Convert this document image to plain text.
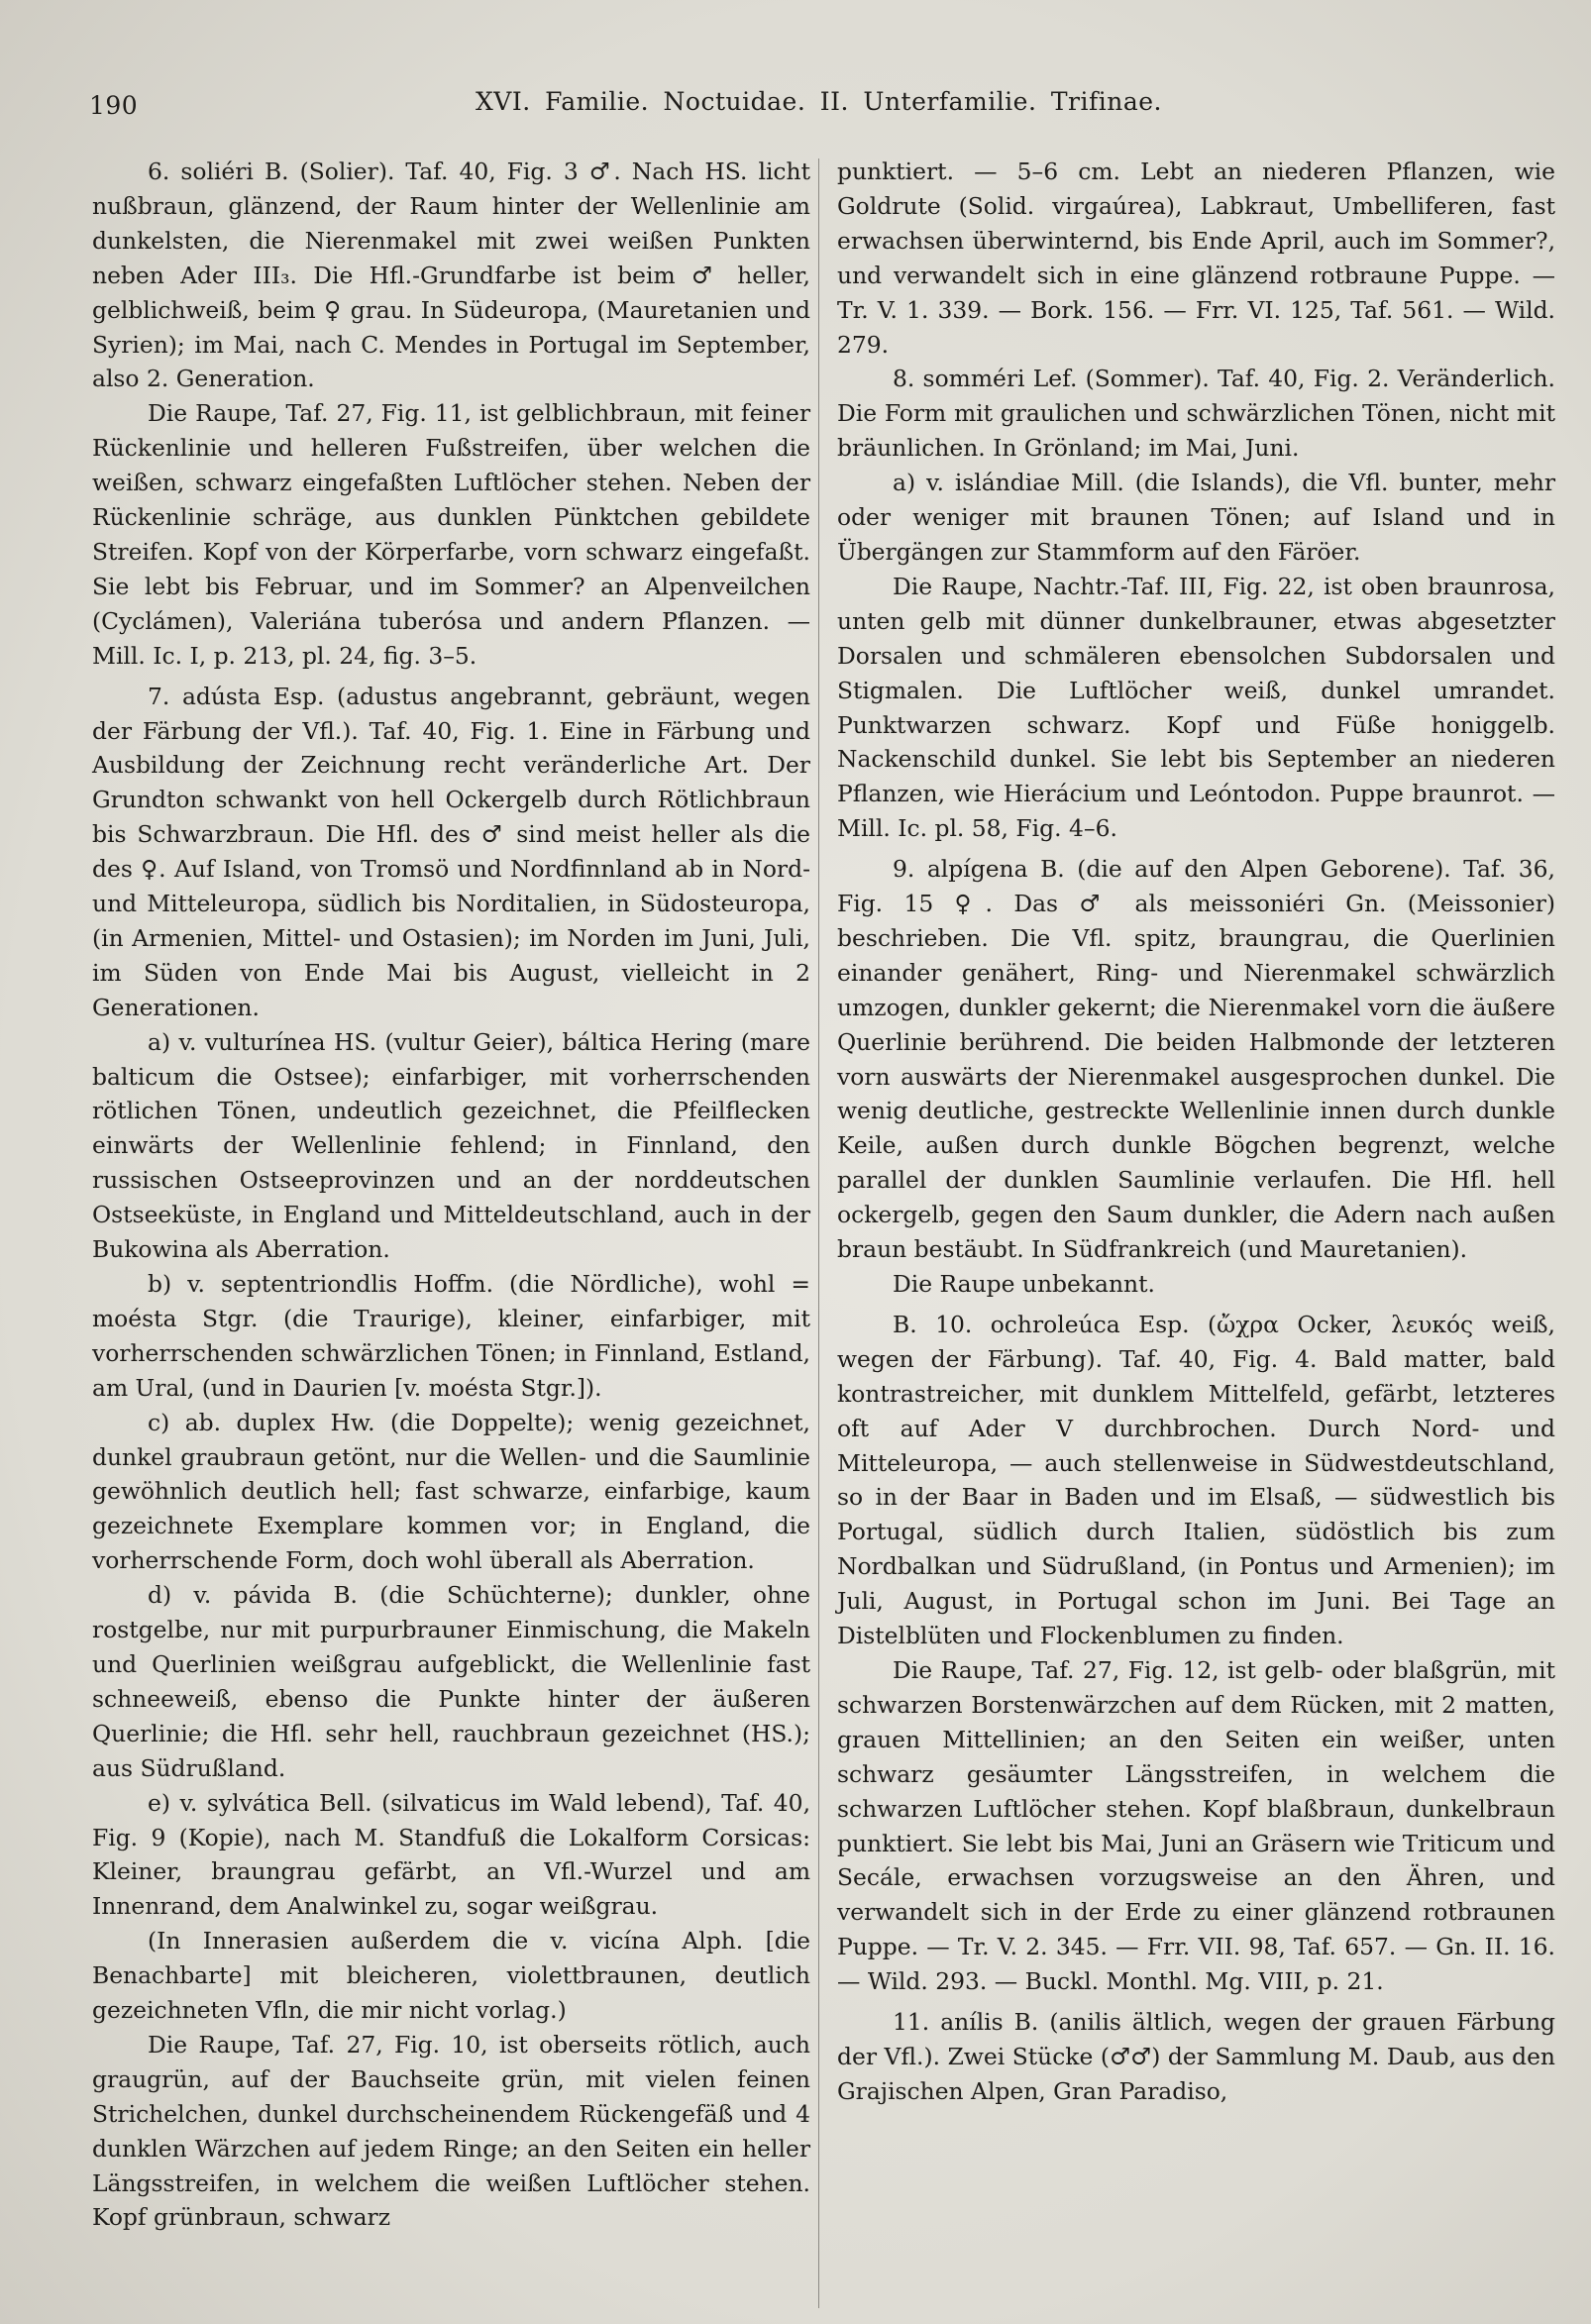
190	XVI. Familie. Noctuidae. II. Unterfamilie. Trifinae.

6. soliéri B. (Solier). Taf. 40, Fig. 3 ♂. Nach HS. licht nußbraun, glänzend, der Raum hinter der Wellenlinie am dunkelsten, die Nierenmakel mit zwei weißen Punkten neben Ader III₃. Die Hfl.-Grundfarbe ist beim ♂ heller, gelblichweiß, beim ♀ grau. In Südeuropa, (Mauretanien und Syrien); im Mai, nach C. Mendes in Portugal im September, also 2. Generation.

Die Raupe, Taf. 27, Fig. 11, ist gelblichbraun, mit feiner Rückenlinie und helleren Fußstreifen, über welchen die weißen, schwarz eingefaßten Luftlöcher stehen. Neben der Rückenlinie schräge, aus dunklen Pünktchen gebildete Streifen. Kopf von der Körperfarbe, vorn schwarz eingefaßt. Sie lebt bis Februar, und im Sommer? an Alpenveilchen (Cyclámen), Valeriána tuberósa und andern Pflanzen. — Mill. Ic. I, p. 213, pl. 24, fig. 3–5.

7. adústa Esp. (adustus angebrannt, gebräunt, wegen der Färbung der Vfl.). Taf. 40, Fig. 1. Eine in Färbung und Ausbildung der Zeichnung recht veränderliche Art. Der Grundton schwankt von hell Ockergelb durch Rötlichbraun bis Schwarzbraun. Die Hfl. des ♂ sind meist heller als die des ♀. Auf Island, von Tromsö und Nordfinnland ab in Nord- und Mitteleuropa, südlich bis Norditalien, in Südosteuropa, (in Armenien, Mittel- und Ostasien); im Norden im Juni, Juli, im Süden von Ende Mai bis August, vielleicht in 2 Generationen.

a) v. vulturínea HS. (vultur Geier), báltica Hering (mare balticum die Ostsee); einfarbiger, mit vorherrschenden rötlichen Tönen, undeutlich gezeichnet, die Pfeilflecken einwärts der Wellenlinie fehlend; in Finnland, den russischen Ostseeprovinzen und an der norddeutschen Ostseeküste, in England und Mitteldeutschland, auch in der Bukowina als Aberration.

b) v. septentriondlis Hoffm. (die Nördliche), wohl = moésta Stgr. (die Traurige), kleiner, einfarbiger, mit vorherrschenden schwärzlichen Tönen; in Finnland, Estland, am Ural, (und in Daurien [v. moésta Stgr.]).

c) ab. duplex Hw. (die Doppelte); wenig gezeichnet, dunkel graubraun getönt, nur die Wellen- und die Saumlinie gewöhnlich deutlich hell; fast schwarze, einfarbige, kaum gezeichnete Exemplare kommen vor; in England, die vorherrschende Form, doch wohl überall als Aberration.

d) v. pávida B. (die Schüchterne); dunkler, ohne rostgelbe, nur mit purpurbrauner Einmischung, die Makeln und Querlinien weißgrau aufgeblickt, die Wellenlinie fast schneeweiß, ebenso die Punkte hinter der äußeren Querlinie; die Hfl. sehr hell, rauchbraun gezeichnet (HS.); aus Südrußland.

e) v. sylvática Bell. (silvaticus im Wald lebend), Taf. 40, Fig. 9 (Kopie), nach M. Standfuß die Lokalform Corsicas: Kleiner, braungrau gefärbt, an Vfl.-Wurzel und am Innenrand, dem Analwinkel zu, sogar weißgrau.

(In Innerasien außerdem die v. vicína Alph. [die Benachbarte] mit bleicheren, violettbraunen, deutlich gezeichneten Vfln, die mir nicht vorlag.)

Die Raupe, Taf. 27, Fig. 10, ist oberseits rötlich, auch graugrün, auf der Bauchseite grün, mit vielen feinen Strichelchen, dunkel durchscheinendem Rückengefäß und 4 dunklen Wärzchen auf jedem Ringe; an den Seiten ein heller Längsstreifen, in welchem die weißen Luftlöcher stehen. Kopf grünbraun, schwarz

punktiert. — 5–6 cm. Lebt an niederen Pflanzen, wie Goldrute (Solid. virgaúrea), Labkraut, Umbelliferen, fast erwachsen überwinternd, bis Ende April, auch im Sommer?, und verwandelt sich in eine glänzend rotbraune Puppe. — Tr. V. 1. 339. — Bork. 156. — Frr. VI. 125, Taf. 561. — Wild. 279.

8. somméri Lef. (Sommer). Taf. 40, Fig. 2. Veränderlich. Die Form mit graulichen und schwärzlichen Tönen, nicht mit bräunlichen. In Grönland; im Mai, Juni.

a) v. islándiae Mill. (die Islands), die Vfl. bunter, mehr oder weniger mit braunen Tönen; auf Island und in Übergängen zur Stammform auf den Färöer.

Die Raupe, Nachtr.-Taf. III, Fig. 22, ist oben braunrosa, unten gelb mit dünner dunkelbrauner, etwas abgesetzter Dorsalen und schmäleren ebensolchen Subdorsalen und Stigmalen. Die Luftlöcher weiß, dunkel umrandet. Punktwarzen schwarz. Kopf und Füße honiggelb. Nackenschild dunkel. Sie lebt bis September an niederen Pflanzen, wie Hierácium und Leóntodon. Puppe braunrot. — Mill. Ic. pl. 58, Fig. 4–6.

9. alpígena B. (die auf den Alpen Geborene). Taf. 36, Fig. 15 ♀. Das ♂ als meissoniéri Gn. (Meissonier) beschrieben. Die Vfl. spitz, braungrau, die Querlinien einander genähert, Ring- und Nierenmakel schwärzlich umzogen, dunkler gekernt; die Nierenmakel vorn die äußere Querlinie berührend. Die beiden Halbmonde der letzteren vorn auswärts der Nierenmakel ausgesprochen dunkel. Die wenig deutliche, gestreckte Wellenlinie innen durch dunkle Keile, außen durch dunkle Bögchen begrenzt, welche parallel der dunklen Saumlinie verlaufen. Die Hfl. hell ockergelb, gegen den Saum dunkler, die Adern nach außen braun bestäubt. In Südfrankreich (und Mauretanien).

Die Raupe unbekannt.

B. 10. ochroleúca Esp. (ὤχρα Ocker, λευκός weiß, wegen der Färbung). Taf. 40, Fig. 4. Bald matter, bald kontrastreicher, mit dunklem Mittelfeld, gefärbt, letzteres oft auf Ader V durchbrochen. Durch Nord- und Mitteleuropa, — auch stellenweise in Südwestdeutschland, so in der Baar in Baden und im Elsaß, — südwestlich bis Portugal, südlich durch Italien, südöstlich bis zum Nordbalkan und Südrußland, (in Pontus und Armenien); im Juli, August, in Portugal schon im Juni. Bei Tage an Distelblüten und Flockenblumen zu finden.

Die Raupe, Taf. 27, Fig. 12, ist gelb- oder blaßgrün, mit schwarzen Borstenwärzchen auf dem Rücken, mit 2 matten, grauen Mittellinien; an den Seiten ein weißer, unten schwarz gesäumter Längsstreifen, in welchem die schwarzen Luftlöcher stehen. Kopf blaßbraun, dunkelbraun punktiert. Sie lebt bis Mai, Juni an Gräsern wie Triticum und Secále, erwachsen vorzugsweise an den Ähren, und verwandelt sich in der Erde zu einer glänzend rotbraunen Puppe. — Tr. V. 2. 345. — Frr. VII. 98, Taf. 657. — Gn. II. 16. — Wild. 293. — Buckl. Monthl. Mg. VIII, p. 21.

11. anílis B. (anilis ältlich, wegen der grauen Färbung der Vfl.). Zwei Stücke (♂♂) der Sammlung M. Daub, aus den Grajischen Alpen, Gran Paradiso,
